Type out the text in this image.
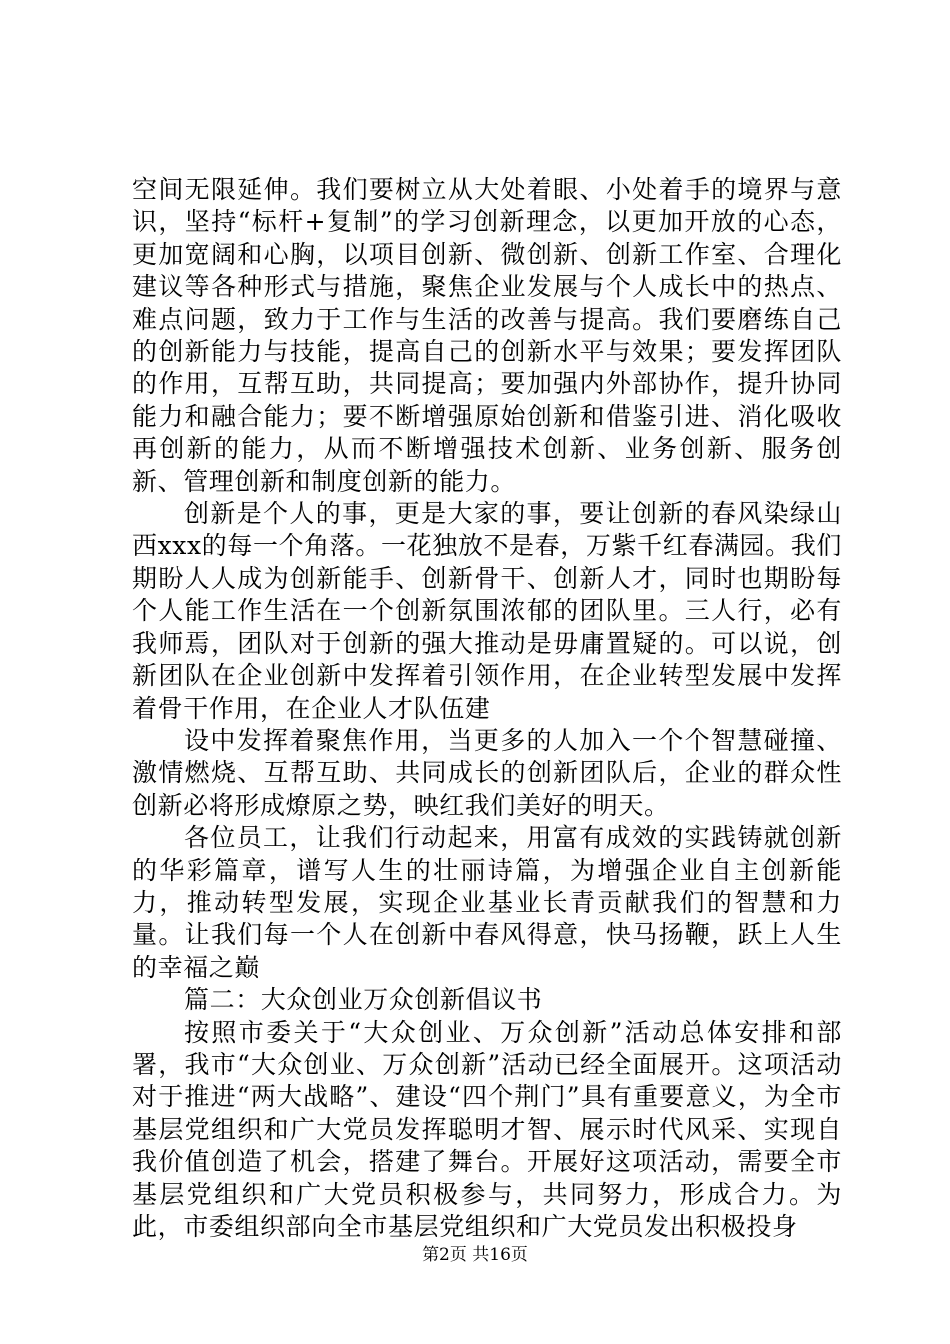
空间无限延伸。我们要树立从大处着眼、小处着手的境界与意识，坚持“标杆+复制”的学习创新理念，以更加开放的心态，更加宽阔和心胸，以项目创新、微创新、创新工作室、合理化建议等各种形式与措施，聚焦企业发展与个人成长中的热点、难点问题，致力于工作与生活的改善与提高。我们要磨练自己的创新能力与技能，提高自己的创新水平与效果；要发挥团队的作用，互帮互助，共同提高；要加强内外部协作，提升协同能力和融合能力；要不断增强原始创新和借鉴引进、消化吸收再创新的能力，从而不断增强技术创新、业务创新、服务创新、管理创新和制度创新的能力。

创新是个人的事，更是大家的事，要让创新的春风染绿山西xxx的每一个角落。一花独放不是春，万紫千红春满园。我们期盼人人成为创新能手、创新骨干、创新人才，同时也期盼每个人能工作生活在一个创新氛围浓郁的团队里。三人行，必有我师焉，团队对于创新的强大推动是毋庸置疑的。可以说，创新团队在企业创新中发挥着引领作用，在企业转型发展中发挥着骨干作用，在企业人才队伍建

设中发挥着聚焦作用，当更多的人加入一个个智慧碰撞、激情燃烧、互帮互助、共同成长的创新团队后，企业的群众性创新必将形成燎原之势，映红我们美好的明天。

各位员工，让我们行动起来，用富有成效的实践铸就创新的华彩篇章，谱写人生的壮丽诗篇，为增强企业自主创新能力，推动转型发展，实现企业基业长青贡献我们的智慧和力量。让我们每一个人在创新中春风得意，快马扬鞭，跃上人生的幸福之巅

篇二：大众创业万众创新倡议书

按照市委关于“大众创业、万众创新”活动总体安排和部署，我市“大众创业、万众创新”活动已经全面展开。这项活动对于推进“两大战略”、建设“四个荆门”具有重要意义，为全市基层党组织和广大党员发挥聪明才智、展示时代风采、实现自我价值创造了机会，搭建了舞台。开展好这项活动，需要全市基层党组织和广大党员积极参与，共同努力，形成合力。为此，市委组织部向全市基层党组织和广大党员发出积极投身

第2页 共16页
